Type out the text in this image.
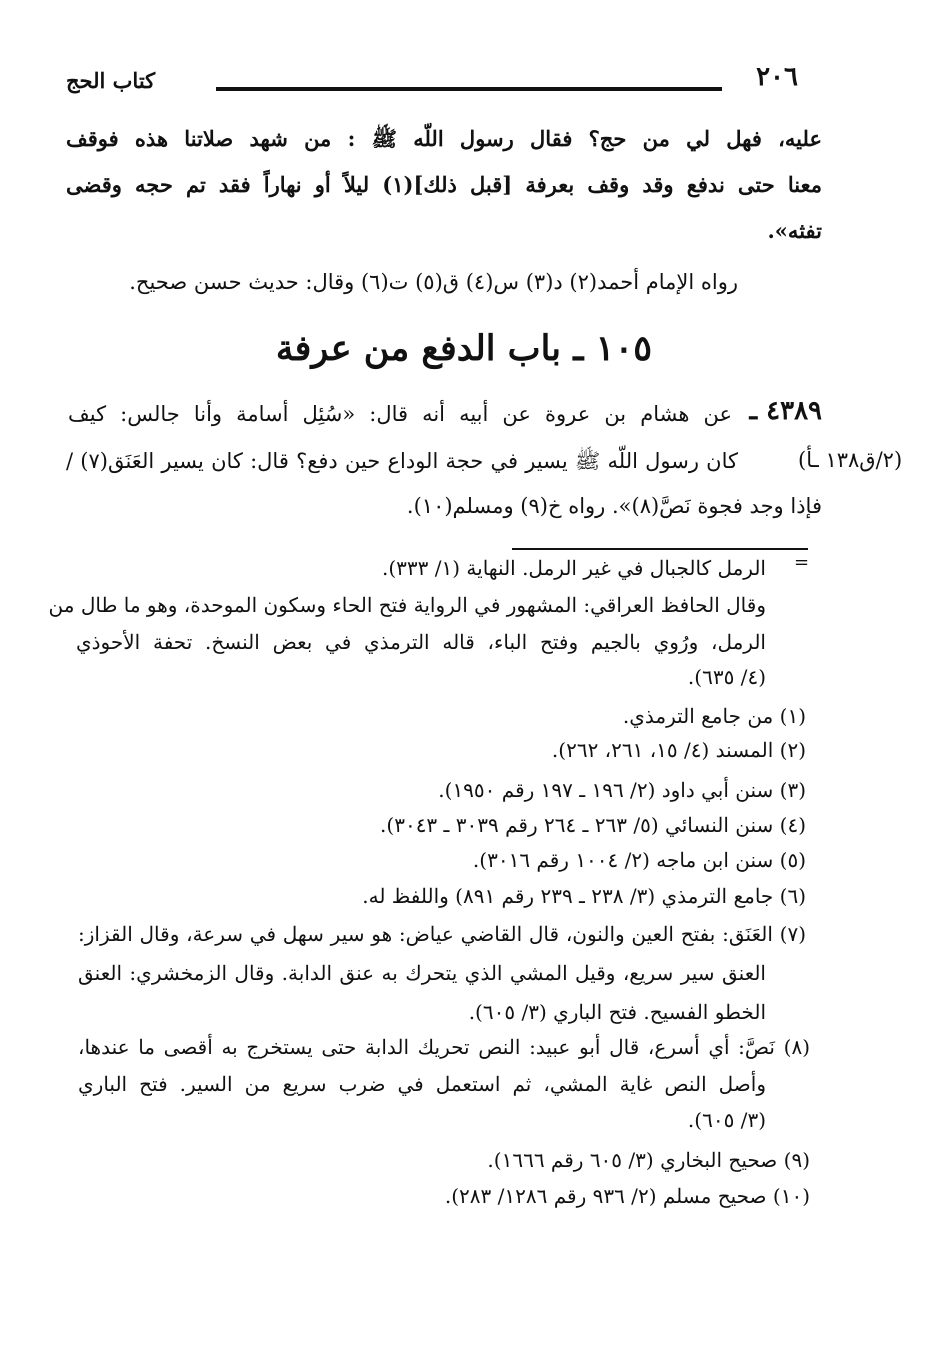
كتاب الحج	٢٠٦
عليه، فهل لي من حج؟ فقال رسول اللّه ﷺ : من شهد صلاتنا هذه فوقف
معنا حتى ندفع وقد وقف بعرفة [قبل ذلك](١) ليلاً أو نهاراً فقد تم حجه وقضى
تفثه».
رواه الإمام أحمد(٢) د(٣) س(٤) ق(٥) ت(٦) وقال: حديث حسن صحيح.
١٠٥ ـ باب الدفع من عرفة
٤٣٨٩ ـ
عن هشام بن عروة عن أبيه أنه قال: «سُئِل أسامة وأنا جالس: كيف
كان رسول اللّه ﷺ يسير في حجة الوداع حين دفع؟ قال: كان يسير العَنَق(٧) /	(٢/ق١٣٨ ـأ)
فإذا وجد فجوة نَصَّ(٨)». رواه خ(٩) ومسلم(١٠).
=
الرمل كالجبال في غير الرمل. النهاية (١/ ٣٣٣).
وقال الحافظ العراقي: المشهور في الرواية فتح الحاء وسكون الموحدة، وهو ما طال من
الرمل، ورُوي بالجيم وفتح الباء، قاله الترمذي في بعض النسخ. تحفة الأحوذي
(٤/ ٦٣٥).
(١) من جامع الترمذي.
(٢) المسند (٤/ ١٥، ٢٦١، ٢٦٢).
(٣) سنن أبي داود (٢/ ١٩٦ ـ ١٩٧ رقم ١٩٥٠).
(٤) سنن النسائي (٥/ ٢٦٣ ـ ٢٦٤ رقم ٣٠٣٩ ـ ٣٠٤٣).
(٥) سنن ابن ماجه (٢/ ١٠٠٤ رقم ٣٠١٦).
(٦) جامع الترمذي (٣/ ٢٣٨ ـ ٢٣٩ رقم ٨٩١) واللفظ له.
(٧) العَنَق: بفتح العين والنون، قال القاضي عياض: هو سير سهل في سرعة، وقال القزاز:
العنق سير سريع، وقيل المشي الذي يتحرك به عنق الدابة. وقال الزمخشري: العنق
الخطو الفسيح. فتح الباري (٣/ ٦٠٥).
(٨) نَصَّ: أي أسرع، قال أبو عبيد: النص تحريك الدابة حتى يستخرج به أقصى ما عندها،
وأصل النص غاية المشي، ثم استعمل في ضرب سريع من السير. فتح الباري
(٣/ ٦٠٥).
(٩) صحيح البخاري (٣/ ٦٠٥ رقم ١٦٦٦).
(١٠) صحيح مسلم (٢/ ٩٣٦ رقم ١٢٨٦/ ٢٨٣).
